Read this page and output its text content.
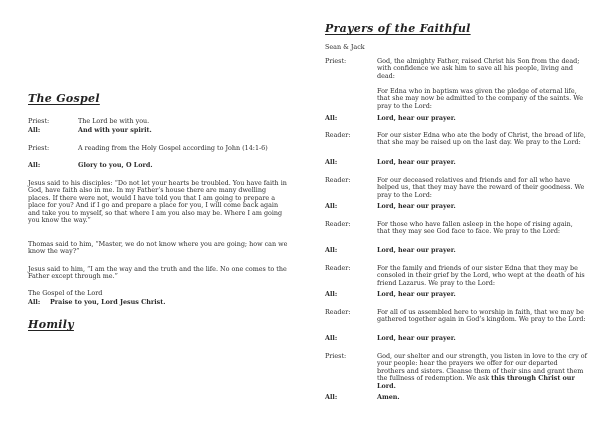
The Gospel
Priest:	The Lord be with you.
All:	And with your spirit.
Priest:	A reading from the Holy Gospel according to John (14:1-6)
All:	Glory to you, O Lord.
Jesus said to his disciples: “Do not let your hearts be troubled. You have faith in God, have faith also in me. In my Father’s house there are many dwelling places. If there were not, would I have told you that I am going to prepare a place for you? And if I go and prepare a place for you, I will come back again and take you to myself, so that where I am you also may be. Where I am going you know the way.”
Thomas said to him, “Master, we do not know where you are going; how can we know the way?”
Jesus said to him, “I am the way and the truth and the life. No one comes to the Father except through me.”
The Gospel of the Lord
All: Praise to you, Lord Jesus Christ.
Homily
Prayers of the Faithful
Sean & Jack
Priest:	God, the almighty Father, raised Christ his Son from the dead; with confidence we ask him to save all his people, living and dead:
For Edna who in baptism was given the pledge of eternal life, that she may now be admitted to the company of the saints. We pray to the Lord:
All:	Lord, hear our prayer.
Reader:	For our sister Edna who ate the body of Christ, the bread of life, that she may be raised up on the last day. We pray to the Lord:
All:	Lord, hear our prayer.
Reader:	For our deceased relatives and friends and for all who have helped us, that they may have the reward of their goodness. We pray to the Lord:
All:	Lord, hear our prayer.
Reader:	For those who have fallen asleep in the hope of rising again, that they may see God face to face. We pray to the Lord:
All:	Lord, hear our prayer.
Reader:	For the family and friends of our sister Edna that they may be consoled in their grief by the Lord, who wept at the death of his friend Lazarus. We pray to the Lord:
All:	Lord, hear our prayer.
Reader:	For all of us assembled here to worship in faith, that we may be gathered together again in God’s kingdom. We pray to the Lord:
All:	Lord, hear our prayer.
Priest:	God, our shelter and our strength, you listen in love to the cry of your people: hear the prayers we offer for our departed brothers and sisters. Cleanse them of their sins and grant them the fullness of redemption. We ask this through Christ our Lord.
All:	Amen.
